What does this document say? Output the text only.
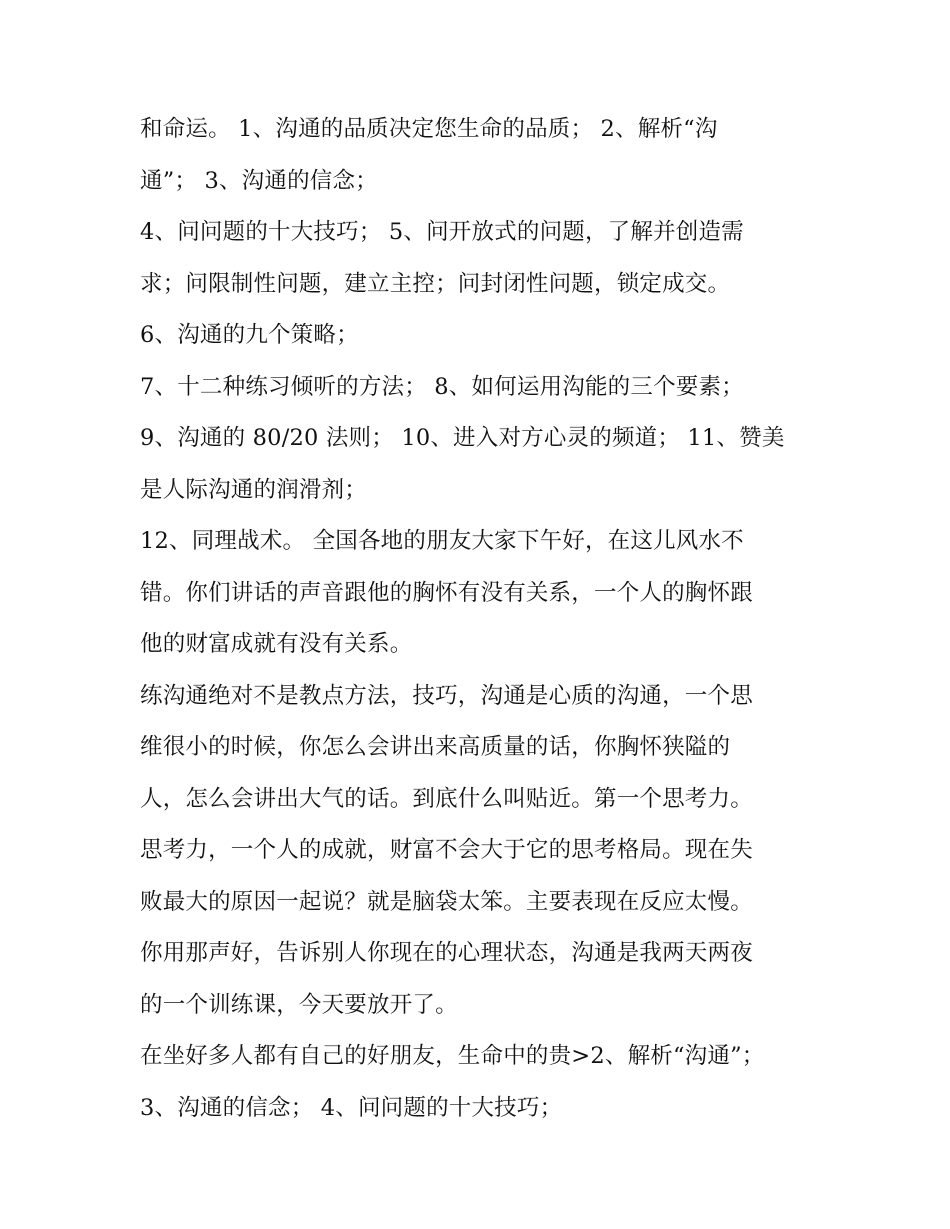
和命运。 1、沟通的品质决定您生命的品质； 2、解析“沟
通”； 3、沟通的信念；
4、问问题的十大技巧； 5、问开放式的问题，了解并创造需
求；问限制性问题，建立主控；问封闭性问题，锁定成交。
6、沟通的九个策略；
7、十二种练习倾听的方法； 8、如何运用沟能的三个要素；
9、沟通的 80/20 法则； 10、进入对方心灵的频道； 11、赞美
是人际沟通的润滑剂；
12、同理战术。 全国各地的朋友大家下午好，在这儿风水不
错。你们讲话的声音跟他的胸怀有没有关系，一个人的胸怀跟
他的财富成就有没有关系。
练沟通绝对不是教点方法，技巧，沟通是心质的沟通，一个思
维很小的时候，你怎么会讲出来高质量的话，你胸怀狭隘的
人，怎么会讲出大气的话。到底什么叫贴近。第一个思考力。
思考力，一个人的成就，财富不会大于它的思考格局。现在失
败最大的原因一起说？就是脑袋太笨。主要表现在反应太慢。
你用那声好，告诉别人你现在的心理状态，沟通是我两天两夜
的一个训练课，今天要放开了。
在坐好多人都有自己的好朋友，生命中的贵>2、解析“沟通”；
3、沟通的信念； 4、问问题的十大技巧；
